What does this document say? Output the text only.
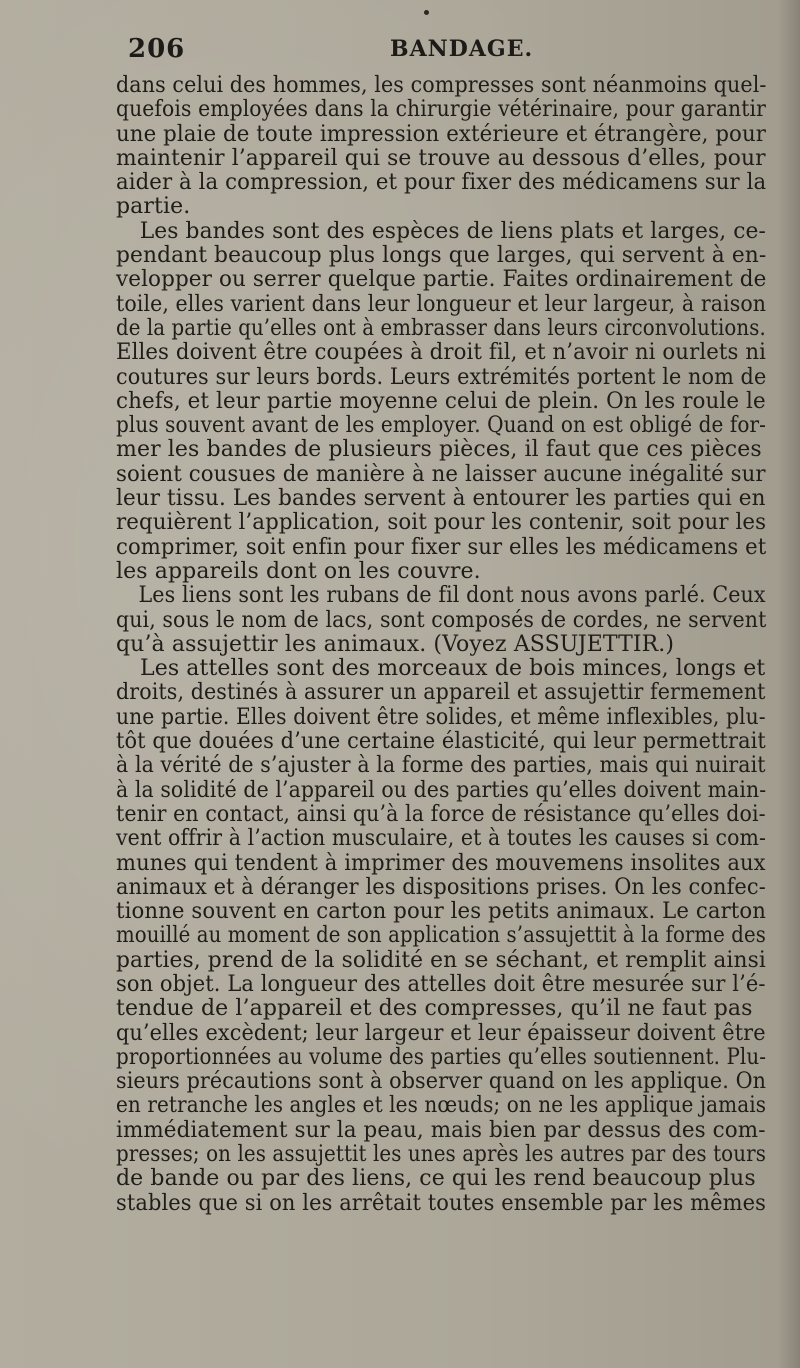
206	BANDAGE.
dans celui des hommes, les compresses sont néanmoins quel-
quefois employées dans la chirurgie vétérinaire, pour garantir
une plaie de toute impression extérieure et étrangère, pour
maintenir l’appareil qui se trouve au dessous d’elles, pour
aider à la compression, et pour fixer des médicamens sur la
partie.
Les bandes sont des espèces de liens plats et larges, ce-
pendant beaucoup plus longs que larges, qui servent à en-
velopper ou serrer quelque partie. Faites ordinairement de
toile, elles varient dans leur longueur et leur largeur, à raison
de la partie qu’elles ont à embrasser dans leurs circonvolutions.
Elles doivent être coupées à droit fil, et n’avoir ni ourlets ni
coutures sur leurs bords. Leurs extrémités portent le nom de
chefs, et leur partie moyenne celui de plein. On les roule le
plus souvent avant de les employer. Quand on est obligé de for-
mer les bandes de plusieurs pièces, il faut que ces pièces
soient cousues de manière à ne laisser aucune inégalité sur
leur tissu. Les bandes servent à entourer les parties qui en
requièrent l’application, soit pour les contenir, soit pour les
comprimer, soit enfin pour fixer sur elles les médicamens et
les appareils dont on les couvre.
Les liens sont les rubans de fil dont nous avons parlé. Ceux
qui, sous le nom de lacs, sont composés de cordes, ne servent
qu’à assujettir les animaux. (Voyez ASSUJETTIR.)
Les attelles sont des morceaux de bois minces, longs et
droits, destinés à assurer un appareil et assujettir fermement
une partie. Elles doivent être solides, et même inflexibles, plu-
tôt que douées d’une certaine élasticité, qui leur permettrait
à la vérité de s’ajuster à la forme des parties, mais qui nuirait
à la solidité de l’appareil ou des parties qu’elles doivent main-
tenir en contact, ainsi qu’à la force de résistance qu’elles doi-
vent offrir à l’action musculaire, et à toutes les causes si com-
munes qui tendent à imprimer des mouvemens insolites aux
animaux et à déranger les dispositions prises. On les confec-
tionne souvent en carton pour les petits animaux. Le carton
mouillé au moment de son application s’assujettit à la forme des
parties, prend de la solidité en se séchant, et remplit ainsi
son objet. La longueur des attelles doit être mesurée sur l’é-
tendue de l’appareil et des compresses, qu’il ne faut pas
qu’elles excèdent; leur largeur et leur épaisseur doivent être
proportionnées au volume des parties qu’elles soutiennent. Plu-
sieurs précautions sont à observer quand on les applique. On
en retranche les angles et les nœuds; on ne les applique jamais
immédiatement sur la peau, mais bien par dessus des com-
presses; on les assujettit les unes après les autres par des tours
de bande ou par des liens, ce qui les rend beaucoup plus
stables que si on les arrêtait toutes ensemble par les mêmes
